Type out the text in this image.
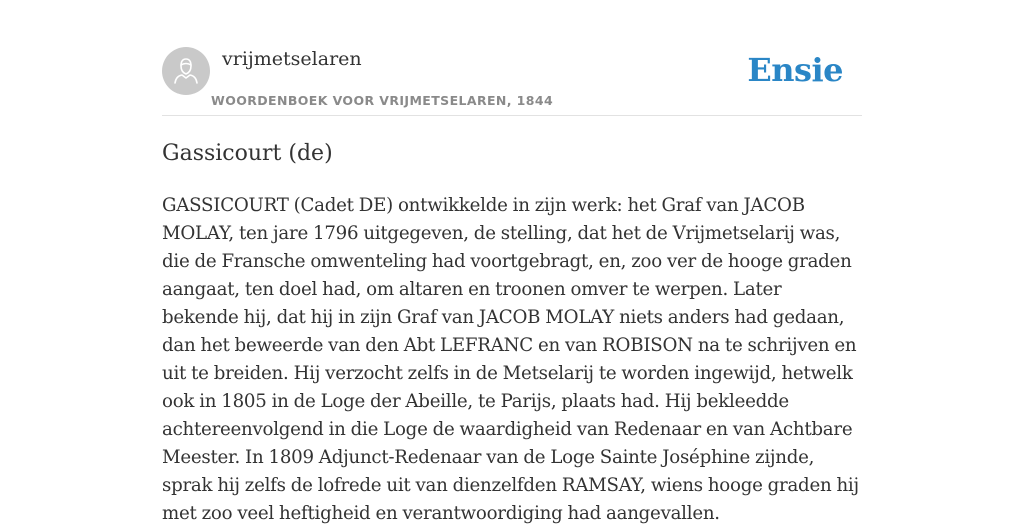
vrijmetselaren
WOORDENBOEK VOOR VRIJMETSELAREN, 1844
Ensie
Gassicourt (de)

GASSICOURT (Cadet DE) ontwikkelde in zijn werk: het Graf van JACOB MOLAY, ten jare 1796 uitgegeven, de stelling, dat het de Vrijmetselarij was, die de Fransche omwenteling had voortgebragt, en, zoo ver de hooge graden aangaat, ten doel had, om altaren en troonen omver te werpen. Later bekende hij, dat hij in zijn Graf van JACOB MOLAY niets anders had gedaan, dan het beweerde van den Abt LEFRANC en van ROBISON na te schrijven en uit te breiden. Hij verzocht zelfs in de Metselarij te worden ingewijd, hetwelk ook in 1805 in de Loge der Abeille, te Parijs, plaats had. Hij bekleedde achtereenvolgend in die Loge de waardigheid van Redenaar en van Achtbare Meester. In 1809 Adjunct-Redenaar van de Loge Sainte Joséphine zijnde, sprak hij zelfs de lofrede uit van dienzelfden RAMSAY, wiens hooge graden hij met zoo veel heftigheid en verantwoordiging had aangevallen.
